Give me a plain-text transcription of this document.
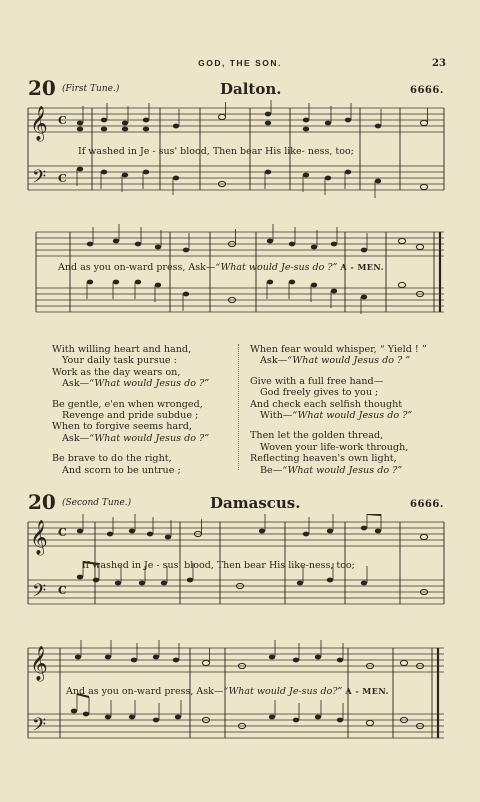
GOD, THE SON.	23
20 (First Tune.)	Dalton.	6666.
𝄞
𝄢
C
C
If washed in Je - sus' blood, Then bear His like- ness, too;
And as you on-ward press, Ask—“What would Je-sus do ?” A - MEN.
With willing heart and hand,
Your daily task pursue :
Work as the day wears on,
Ask—“What would Jesus do ?”
Be gentle, e'en when wronged,
Revenge and pride subdue ;
When to forgive seems hard,
Ask—“What would Jesus do ?”
Be brave to do the right,
And scorn to be untrue ;
When fear would whisper, “ Yield ! ”
Ask—“What would Jesus do ? ”
Give with a full free hand—
God freely gives to you ;
And check each selfish thought
With—“What would Jesus do ?”
Then let the golden thread,
Woven your life-work through,
Reflecting heaven's own light,
Be—“What would Jesus do ?”
20 (Second Tune.)	Damascus.	6666.
𝄞
𝄢
C
C
If washed in Je - sus' blood, Then bear His like-ness, too;
𝄞
𝄢
And as you on-ward press, Ask—“What would Je-sus do?” A - MEN.
